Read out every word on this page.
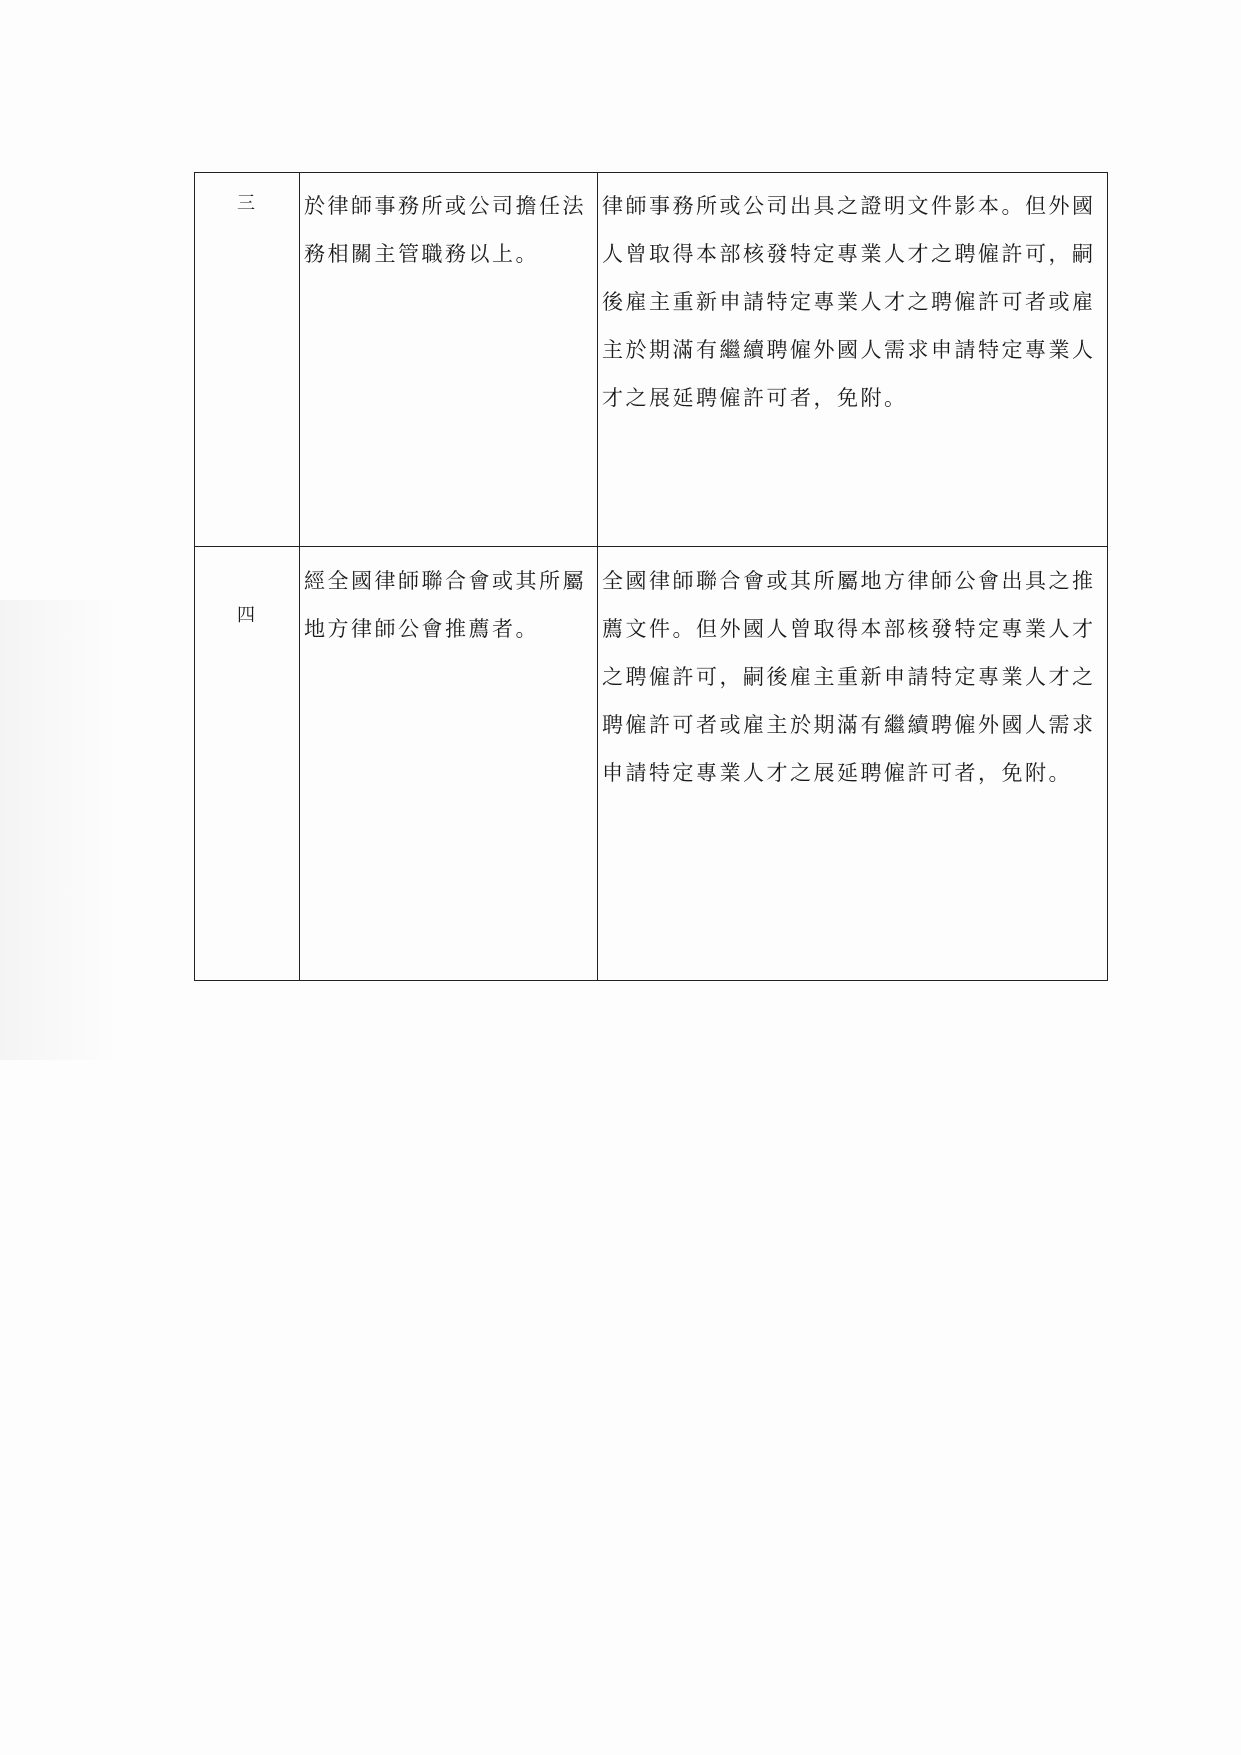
三	於律師事務所或公司擔任法務相關主管職務以上。	律師事務所或公司出具之證明文件影本。但外國人曾取得本部核發特定專業人才之聘僱許可，嗣後雇主重新申請特定專業人才之聘僱許可者或雇主於期滿有繼續聘僱外國人需求申請特定專業人才之展延聘僱許可者，免附。

四	經全國律師聯合會或其所屬地方律師公會推薦者。	全國律師聯合會或其所屬地方律師公會出具之推薦文件。但外國人曾取得本部核發特定專業人才之聘僱許可，嗣後雇主重新申請特定專業人才之聘僱許可者或雇主於期滿有繼續聘僱外國人需求申請特定專業人才之展延聘僱許可者，免附。
